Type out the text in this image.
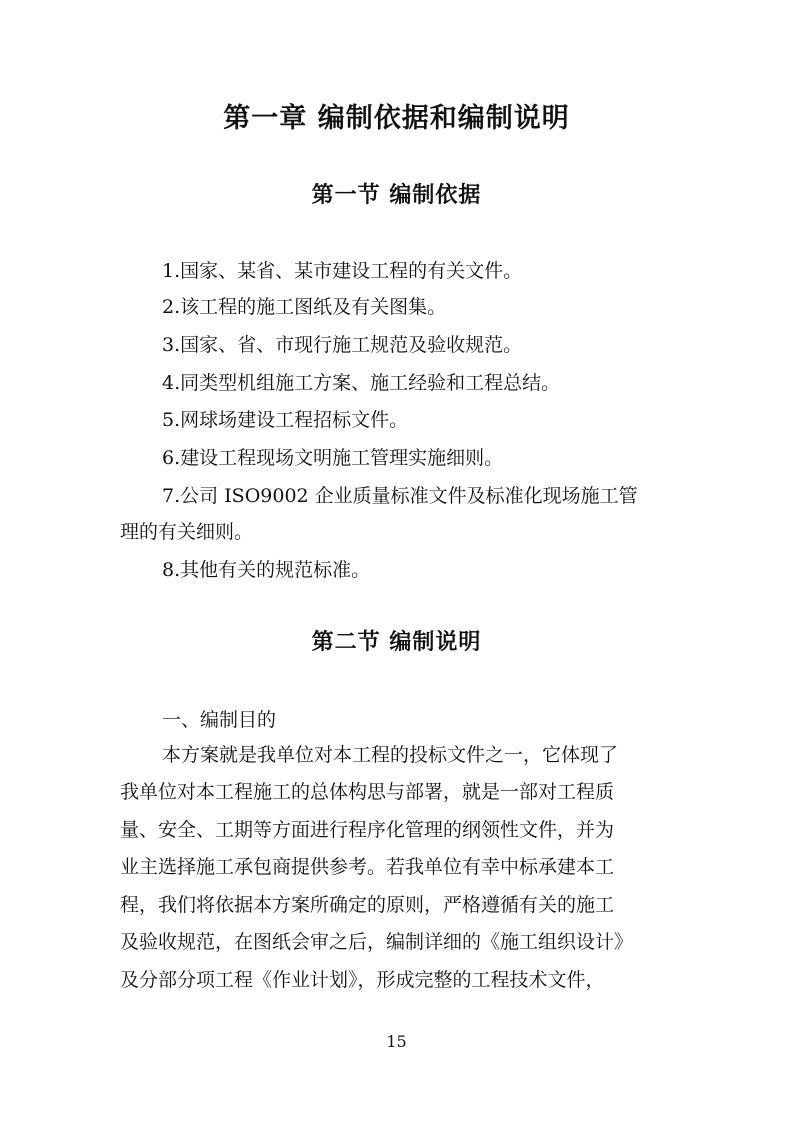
第一章 编制依据和编制说明
第一节 编制依据
1.国家、某省、某市建设工程的有关文件。
2.该工程的施工图纸及有关图集。
3.国家、省、市现行施工规范及验收规范。
4.同类型机组施工方案、施工经验和工程总结。
5.网球场建设工程招标文件。
6.建设工程现场文明施工管理实施细则。
7.公司 ISO9002 企业质量标准文件及标准化现场施工管
理的有关细则。
8.其他有关的规范标准。
第二节 编制说明
一、编制目的
本方案就是我单位对本工程的投标文件之一，它体现了
我单位对本工程施工的总体构思与部署，就是一部对工程质
量、安全、工期等方面进行程序化管理的纲领性文件，并为
业主选择施工承包商提供参考。若我单位有幸中标承建本工
程，我们将依据本方案所确定的原则，严格遵循有关的施工
及验收规范，在图纸会审之后，编制详细的《施工组织设计》
及分部分项工程《作业计划》，形成完整的工程技术文件，
15
